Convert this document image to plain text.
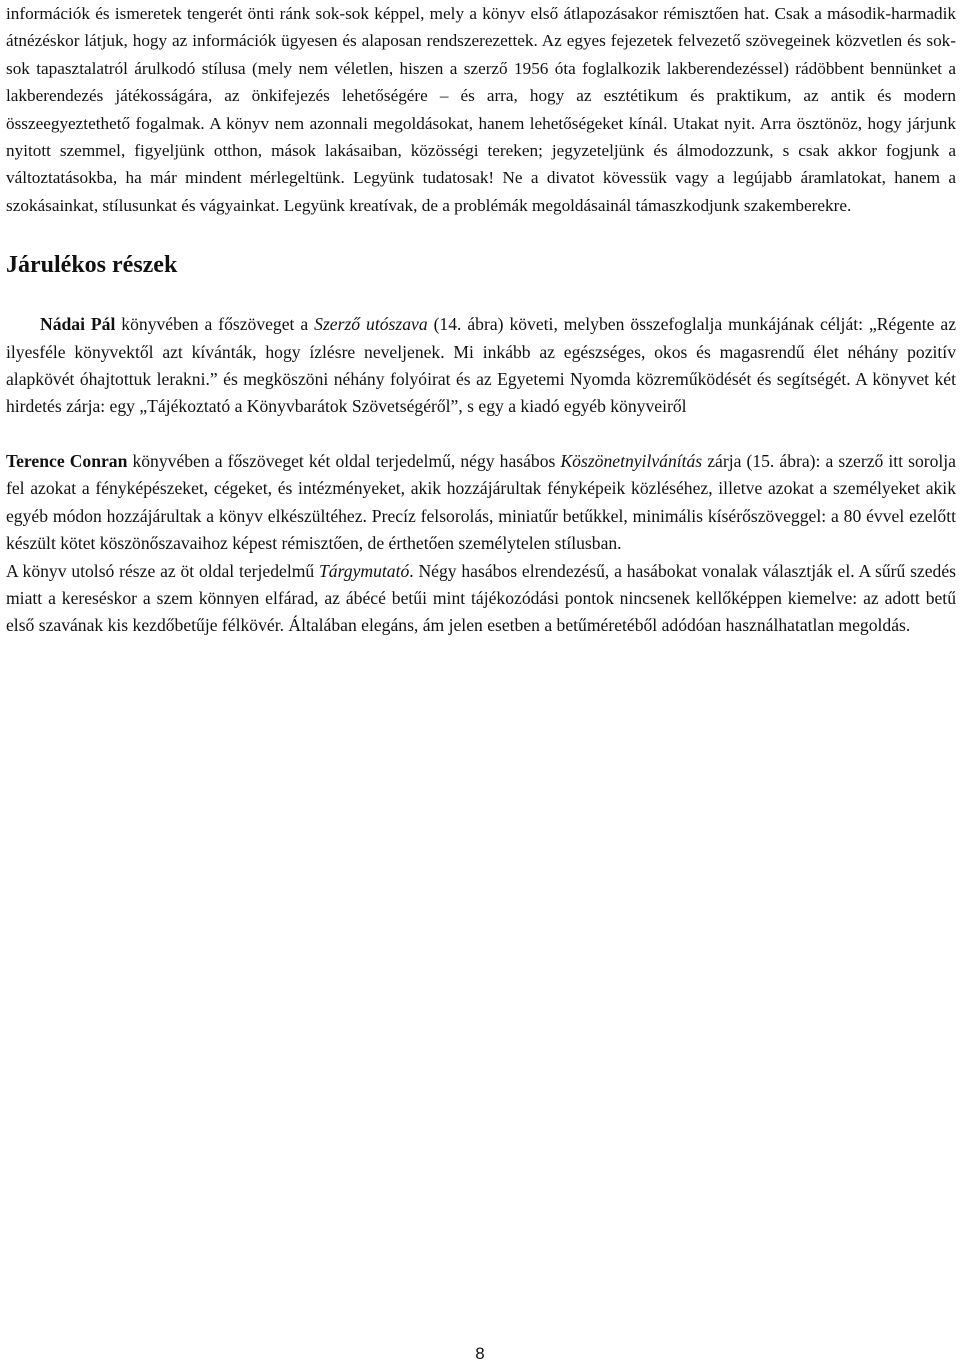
információk és ismeretek tengerét önti ránk sok-sok képpel, mely a könyv első átlapozásakor rémisztően hat. Csak a második-harmadik átnézéskor látjuk, hogy az információk ügyesen és alaposan rendszerezettek. Az egyes fejezetek felvezető szövegeinek közvetlen és sok-sok tapasztalatról árulkodó stílusa (mely nem véletlen, hiszen a szerző 1956 óta foglalkozik lakberendezéssel) rádöbbent bennünket a lakberendezés játékosságára, az önkifejezés lehetőségére – és arra, hogy az esztétikum és praktikum, az antik és modern összeegyeztethető fogalmak. A könyv nem azonnali megoldásokat, hanem lehetőségeket kínál. Utakat nyit. Arra ösztönöz, hogy járjunk nyitott szemmel, figyeljünk otthon, mások lakásaiban, közösségi tereken; jegyzeteljünk és álmodozzunk, s csak akkor fogjunk a változtatásokba, ha már mindent mérlegeltünk. Legyünk tudatosak! Ne a divatot kövessük vagy a legújabb áramlatokat, hanem a szokásainkat, stílusunkat és vágyainkat. Legyünk kreatívak, de a problémák megoldásainál támaszkodjunk szakemberekre.

Járulékos részek

Nádai Pál könyvében a főszöveget a Szerző utószava (14. ábra) követi, melyben összefoglalja munkájának célját: „Régente az ilyesféle könyvektől azt kívánták, hogy ízlésre neveljenek. Mi inkább az egészséges, okos és magasrendű élet néhány pozitív alapkövét óhajtottuk lerakni.” és megköszöni néhány folyóirat és az Egyetemi Nyomda közreműködését és segítségét. A könyvet két hirdetés zárja: egy „Tájékoztató a Könyvbarátok Szövetségéről”, s egy a kiadó egyéb könyveiről

Terence Conran könyvében a főszöveget két oldal terjedelmű, négy hasábos Köszönetnyilvánítás zárja (15. ábra): a szerző itt sorolja fel azokat a fényképészeket, cégeket, és intézményeket, akik hozzájárultak fényképeik közléséhez, illetve azokat a személyeket akik egyéb módon hozzájárultak a könyv elkészültéhez. Precíz felsorolás, miniatűr betűkkel, minimális kísérőszöveggel: a 80 évvel ezelőtt készült kötet köszönőszavaihoz képest rémisztően, de érthetően személytelen stílusban.

A könyv utolsó része az öt oldal terjedelmű Tárgymutató. Négy hasábos elrendezésű, a hasábokat vonalak választják el. A sűrű szedés miatt a kereséskor a szem könnyen elfárad, az ábécé betűi mint tájékozódási pontok nincsenek kellőképpen kiemelve: az adott betű első szavának kis kezdőbetűje félkövér. Általában elegáns, ám jelen esetben a betűméretéből adódóan használhatatlan megoldás.

8
